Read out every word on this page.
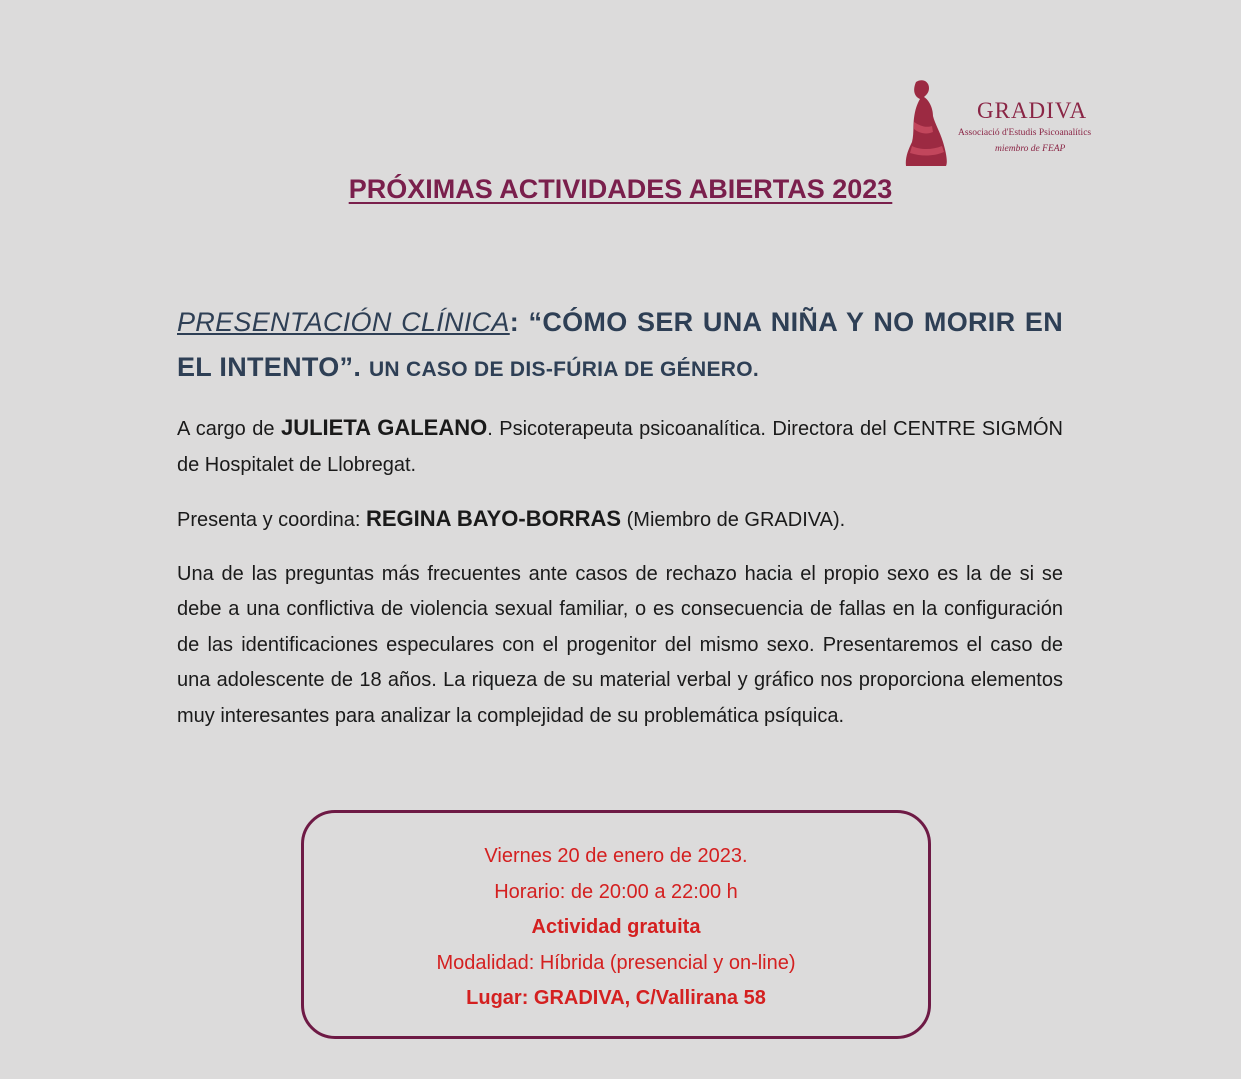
GRADIVA
Associació d'Estudis Psicoanalítics
miembro de FEAP
PRÓXIMAS ACTIVIDADES ABIERTAS 2023

PRESENTACIÓN CLÍNICA: “CÓMO SER UNA NIÑA Y NO MORIR EN EL INTENTO”. UN CASO DE DIS-FÚRIA DE GÉNERO.

A cargo de JULIETA GALEANO. Psicoterapeuta psicoanalítica. Directora del CENTRE SIGMÓN de Hospitalet de Llobregat.

Presenta y coordina: REGINA BAYO-BORRAS (Miembro de GRADIVA).

Una de las preguntas más frecuentes ante casos de rechazo hacia el propio sexo es la de si se debe a una conflictiva de violencia sexual familiar, o es consecuencia de fallas en la configuración de las identificaciones especulares con el progenitor del mismo sexo. Presentaremos el caso de una adolescente de 18 años. La riqueza de su material verbal y gráfico nos proporciona elementos muy interesantes para analizar la complejidad de su problemática psíquica.

Viernes 20 de enero de 2023.
Horario: de 20:00 a 22:00 h
Actividad gratuita
Modalidad: Híbrida (presencial y on-line)
Lugar: GRADIVA, C/Vallirana 58
